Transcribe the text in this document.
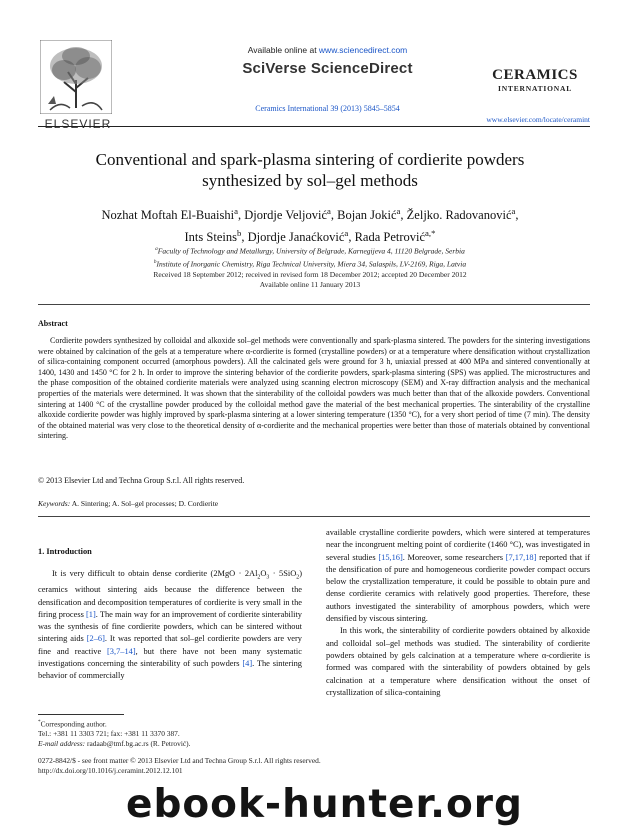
ELSEVIER
Available online at www.sciencedirect.com
SciVerse ScienceDirect
Ceramics International 39 (2013) 5845–5854
CERAMICS
INTERNATIONAL
www.elsevier.com/locate/ceramint
Conventional and spark-plasma sintering of cordierite powders
synthesized by sol–gel methods
Nozhat Moftah El-Buaishi$^a$, Djordje Veljović$^a$, Bojan Jokić$^a$, Željko. Radovanović$^a$,
Ints Steins$^b$, Djordje Janaćković$^a$, Rada Petrović$^{a,*}$
$^a$Faculty of Technology and Metallurgy, University of Belgrade, Karnegijeva 4, 11120 Belgrade, Serbia
$^b$Institute of Inorganic Chemistry, Riga Technical University, Miera 34, Salaspils, LV-2169, Riga, Latvia
Received 18 September 2012; received in revised form 18 December 2012; accepted 20 December 2012
Available online 11 January 2013
Abstract
Cordierite powders synthesized by colloidal and alkoxide sol–gel methods were conventionally and spark-plasma sintered. The powders for the sintering investigations were obtained by calcination of the gels at a temperature where α-cordierite is formed (crystalline powders) or at a temperature where densification without crystallization of silica-containing component occurred (amorphous powders). All the calcinated gels were ground for 3 h, uniaxial pressed at 400 MPa and sintered conventionally at 1400, 1430 and 1450 °C for 2 h. In order to improve the sintering behavior of the cordierite powders, spark-plasma sintering (SPS) was applied. The microstructures and the phase composition of the obtained cordierite materials were analyzed using scanning electron microscopy (SEM) and X-ray diffraction analysis and the mechanical properties of the materials were determined. It was shown that the sinterability of the colloidal powders was much better than that of the alkoxide powders. Conventional sintering at 1400 °C of the crystalline powder produced by the colloidal method gave the material of the best mechanical properties. The sinterability of the crystalline alkoxide cordierite powder was highly improved by spark-plasma sintering at a lower sintering temperature (1350 °C), for a very short period of time (7 min). The density of the obtained material was very close to the theoretical density of α-cordierite and the mechanical properties were better than those of materials obtained by conventional sintering.
© 2013 Elsevier Ltd and Techna Group S.r.l. All rights reserved.
Keywords: A. Sintering; A. Sol–gel processes; D. Cordierite
1. Introduction
It is very difficult to obtain dense cordierite $(2MgO \cdot 2Al_2O_3 \cdot 5SiO_2)$ ceramics without sintering aids because the difference between the densification and decomposition temperatures of cordierite is very small in the firing process [1]. The main way for an improvement of cordierite sinterability was the synthesis of fine cordierite powders, which can be sintered without sintering aids [2–6]. It was reported that sol–gel cordierite powders are very fine and reactive [3,7–14], but there have not been many systematic investigations concerning the sinterability of such powders [4]. The sintering behavior of commercially
available crystalline cordierite powders, which were sintered at temperatures near the incongruent melting point of cordierite (1460 °C), was investigated in several studies [15,16]. Moreover, some researchers [7,17,18] reported that if the densification of pure and homogeneous cordierite powder compact occurs below the crystallization temperature, it could be possible to obtain pure and dense cordierite ceramics with relatively good properties. Therefore, these authors investigated the sinterability of amorphous powders, which were densified by viscous sintering.
In this work, the sinterability of cordierite powders obtained by alkoxide and colloidal sol–gel methods was studied. The sinterability of cordierite powders obtained by gels calcination at a temperature where α-cordierite is formed was compared with the sinterability of powders obtained by gels calcination at a temperature where densification without the onset of crystallization of silica-containing
*Corresponding author.
Tel.: +381 11 3303 721; fax: +381 11 3370 387.
E-mail address: radaab@tmf.bg.ac.rs (R. Petrović).
0272-8842/$ - see front matter © 2013 Elsevier Ltd and Techna Group S.r.l. All rights reserved.
http://dx.doi.org/10.1016/j.ceramint.2012.12.101
ebook-hunter.org
